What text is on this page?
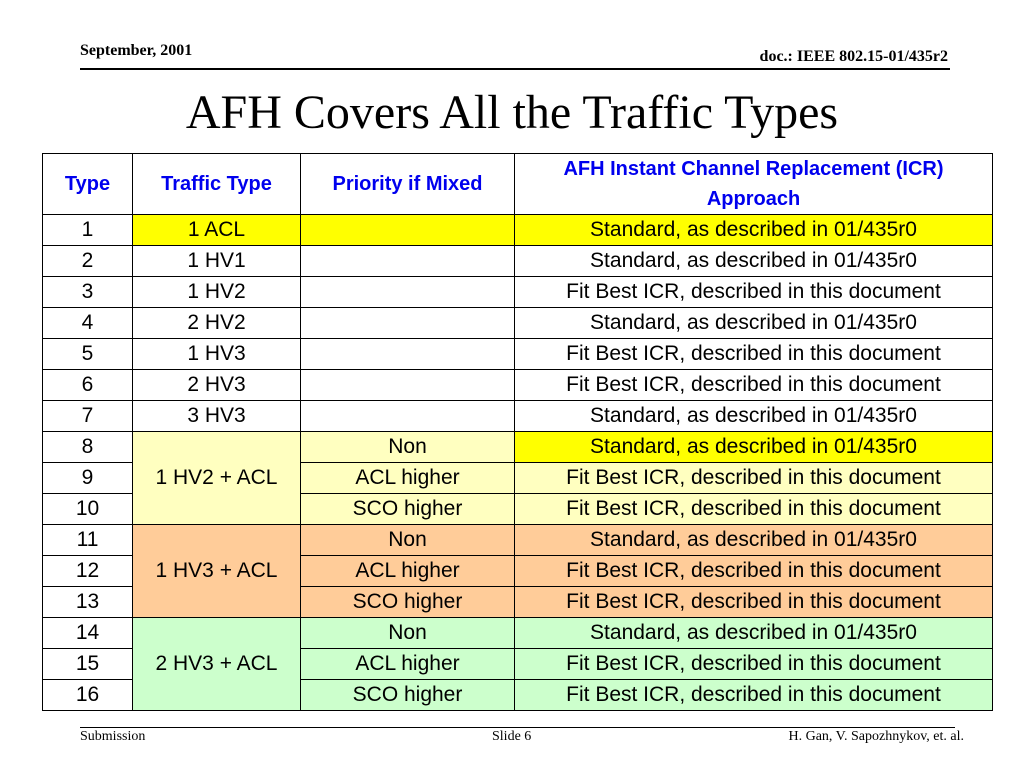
September, 2001	doc.: IEEE 802.15-01/435r2
AFH Covers All the Traffic Types
Type	Traffic Type	Priority if Mixed	AFH Instant Channel Replacement (ICR) Approach
1	1 ACL		Standard, as described in 01/435r0
2	1 HV1		Standard, as described in 01/435r0
3	1 HV2		Fit Best ICR, described in this document
4	2 HV2		Standard, as described in 01/435r0
5	1 HV3		Fit Best ICR, described in this document
6	2 HV3		Fit Best ICR, described in this document
7	3 HV3		Standard, as described in 01/435r0
8	1 HV2 + ACL	Non	Standard, as described in 01/435r0
9		ACL higher	Fit Best ICR, described in this document
10		SCO higher	Fit Best ICR, described in this document
11	1 HV3 + ACL	Non	Standard, as described in 01/435r0
12		ACL higher	Fit Best ICR, described in this document
13		SCO higher	Fit Best ICR, described in this document
14	2 HV3 + ACL	Non	Standard, as described in 01/435r0
15		ACL higher	Fit Best ICR, described in this document
16		SCO higher	Fit Best ICR, described in this document
Submission	Slide 6	H. Gan, V. Sapozhnykov, et. al.
